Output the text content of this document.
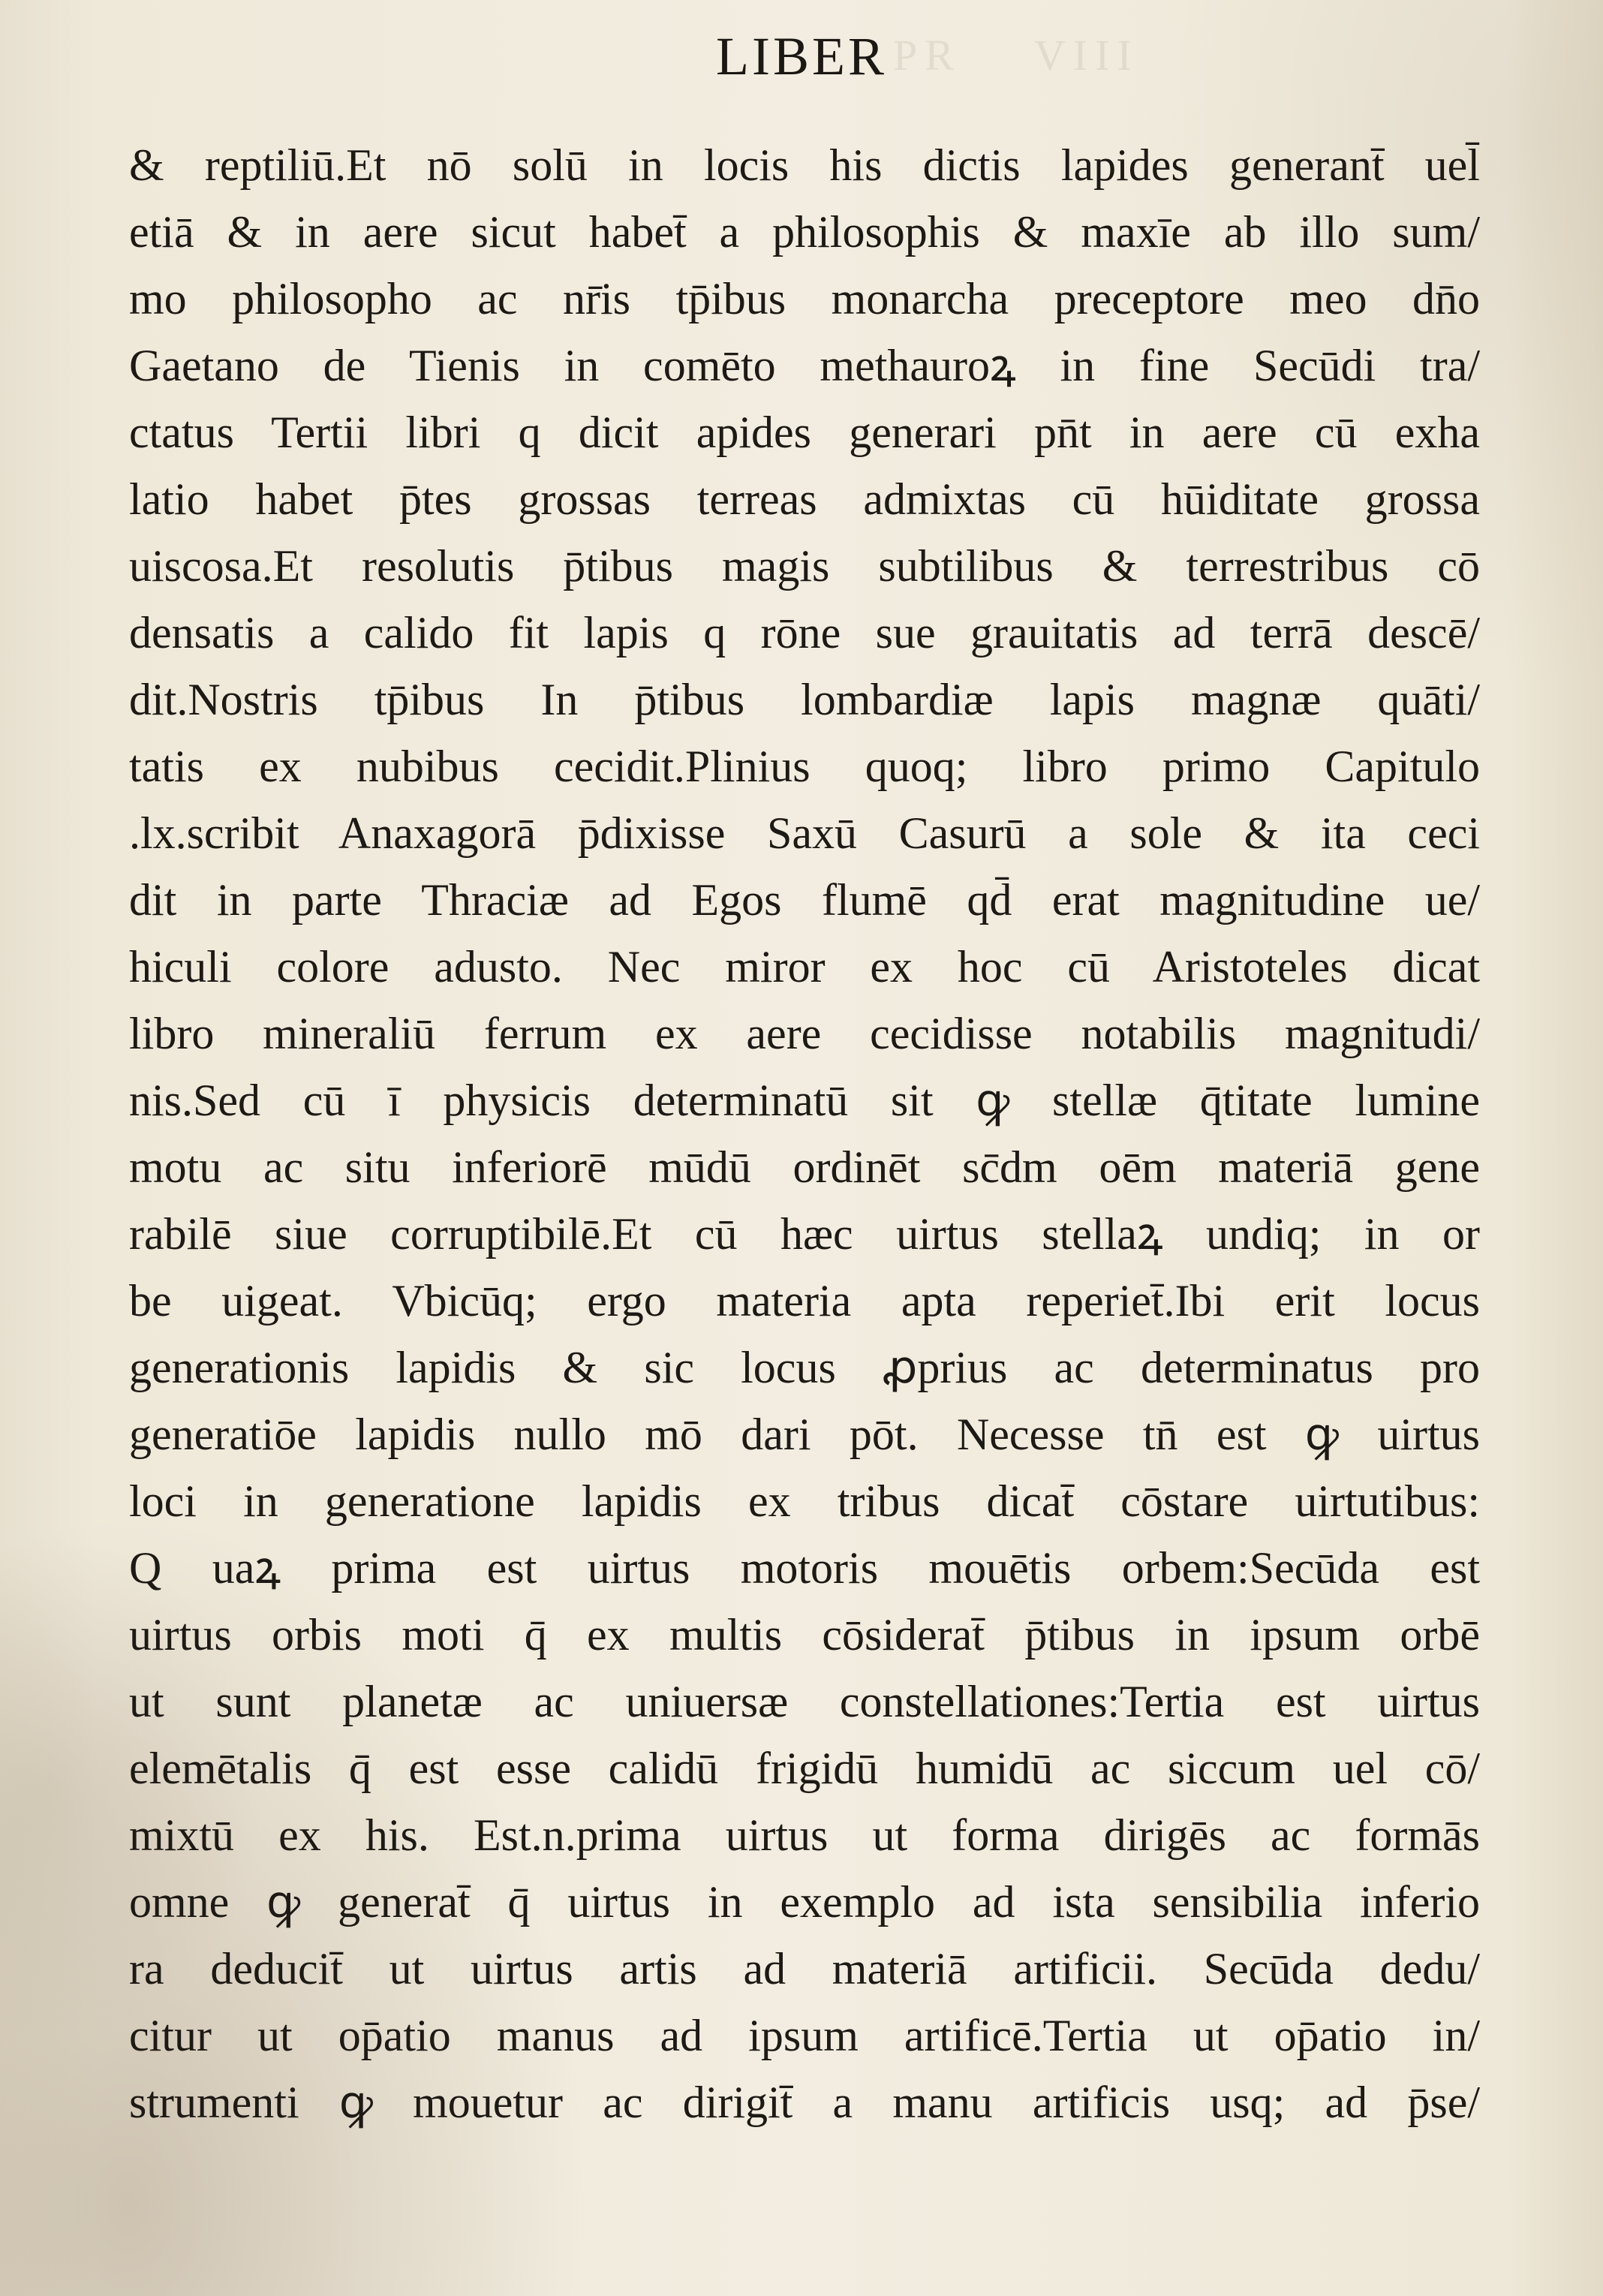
PR    VIII
LIBER
& reptiliū.Et nō solū in locis his dictis lapides generant̄ uel̄
etiā & in aere sicut habet̄ a philosophis & maxīe ab illo sum/
mo philosopho ac nr̄is tp̄ibus monarcha preceptore meo dn̄o
Gaetano de Tienis in comēto methauroꝝ in fine Secūdi tra/
ctatus Tertii libri q dicit apides generari pn̄t in aere cū exha
latio habet p̄tes grossas terreas admixtas cū hūiditate grossa
uiscosa.Et resolutis p̄tibus magis subtilibus & terrestribus cō
densatis a calido fit lapis q rōne sue grauitatis ad terrā descē/
dit.Nostris tp̄ibus In p̄tibus lombardiæ lapis magnæ quāti/
tatis ex nubibus cecidit.Plinius quoq; libro primo Capitulo
.lx.scribit Anaxagorā p̄dixisse Saxū Casurū a sole & ita ceci
dit in parte Thraciæ ad Egos flumē qd̄ erat magnitudine ue/
hiculi colore adusto. Nec miror ex hoc cū Aristoteles dicat
libro mineraliū ferrum ex aere cecidisse notabilis magnitudi/
nis.Sed cū ī physicis determinatū sit ꝙ stellæ q̄titate lumine
motu ac situ inferiorē mūdū ordinēt sc̄dm oēm materiā gene
rabilē siue corruptibilē.Et cū hæc uirtus stellaꝝ undiq; in or
be uigeat. Vbicūq; ergo materia apta reperiet̄.Ibi erit locus
generationis lapidis & sic locus ꝓprius ac determinatus pro
generatiōe lapidis nullo mō dari pōt. Necesse tn̄ est ꝙ uirtus
loci in generatione lapidis ex tribus dicat̄ cōstare uirtutibus:
Q uaꝝ prima est uirtus motoris mouētis orbem:Secūda est
uirtus orbis moti q̄ ex multis cōsiderat̄ p̄tibus in ipsum orbē
ut sunt planetæ ac uniuersæ constellationes:Tertia est uirtus
elemētalis q̄ est esse calidū frigidū humidū ac siccum uel cō/
mixtū ex his. Est.n.prima uirtus ut forma dirigēs ac formās
omne ꝙ generat̄ q̄ uirtus in exemplo ad ista sensibilia inferio
ra deducit̄ ut uirtus artis ad materiā artificii. Secūda dedu/
citur ut op̄atio manus ad ipsum artificē.Tertia ut op̄atio in/
strumenti ꝙ mouetur ac dirigit̄ a manu artificis usq; ad p̄se/
